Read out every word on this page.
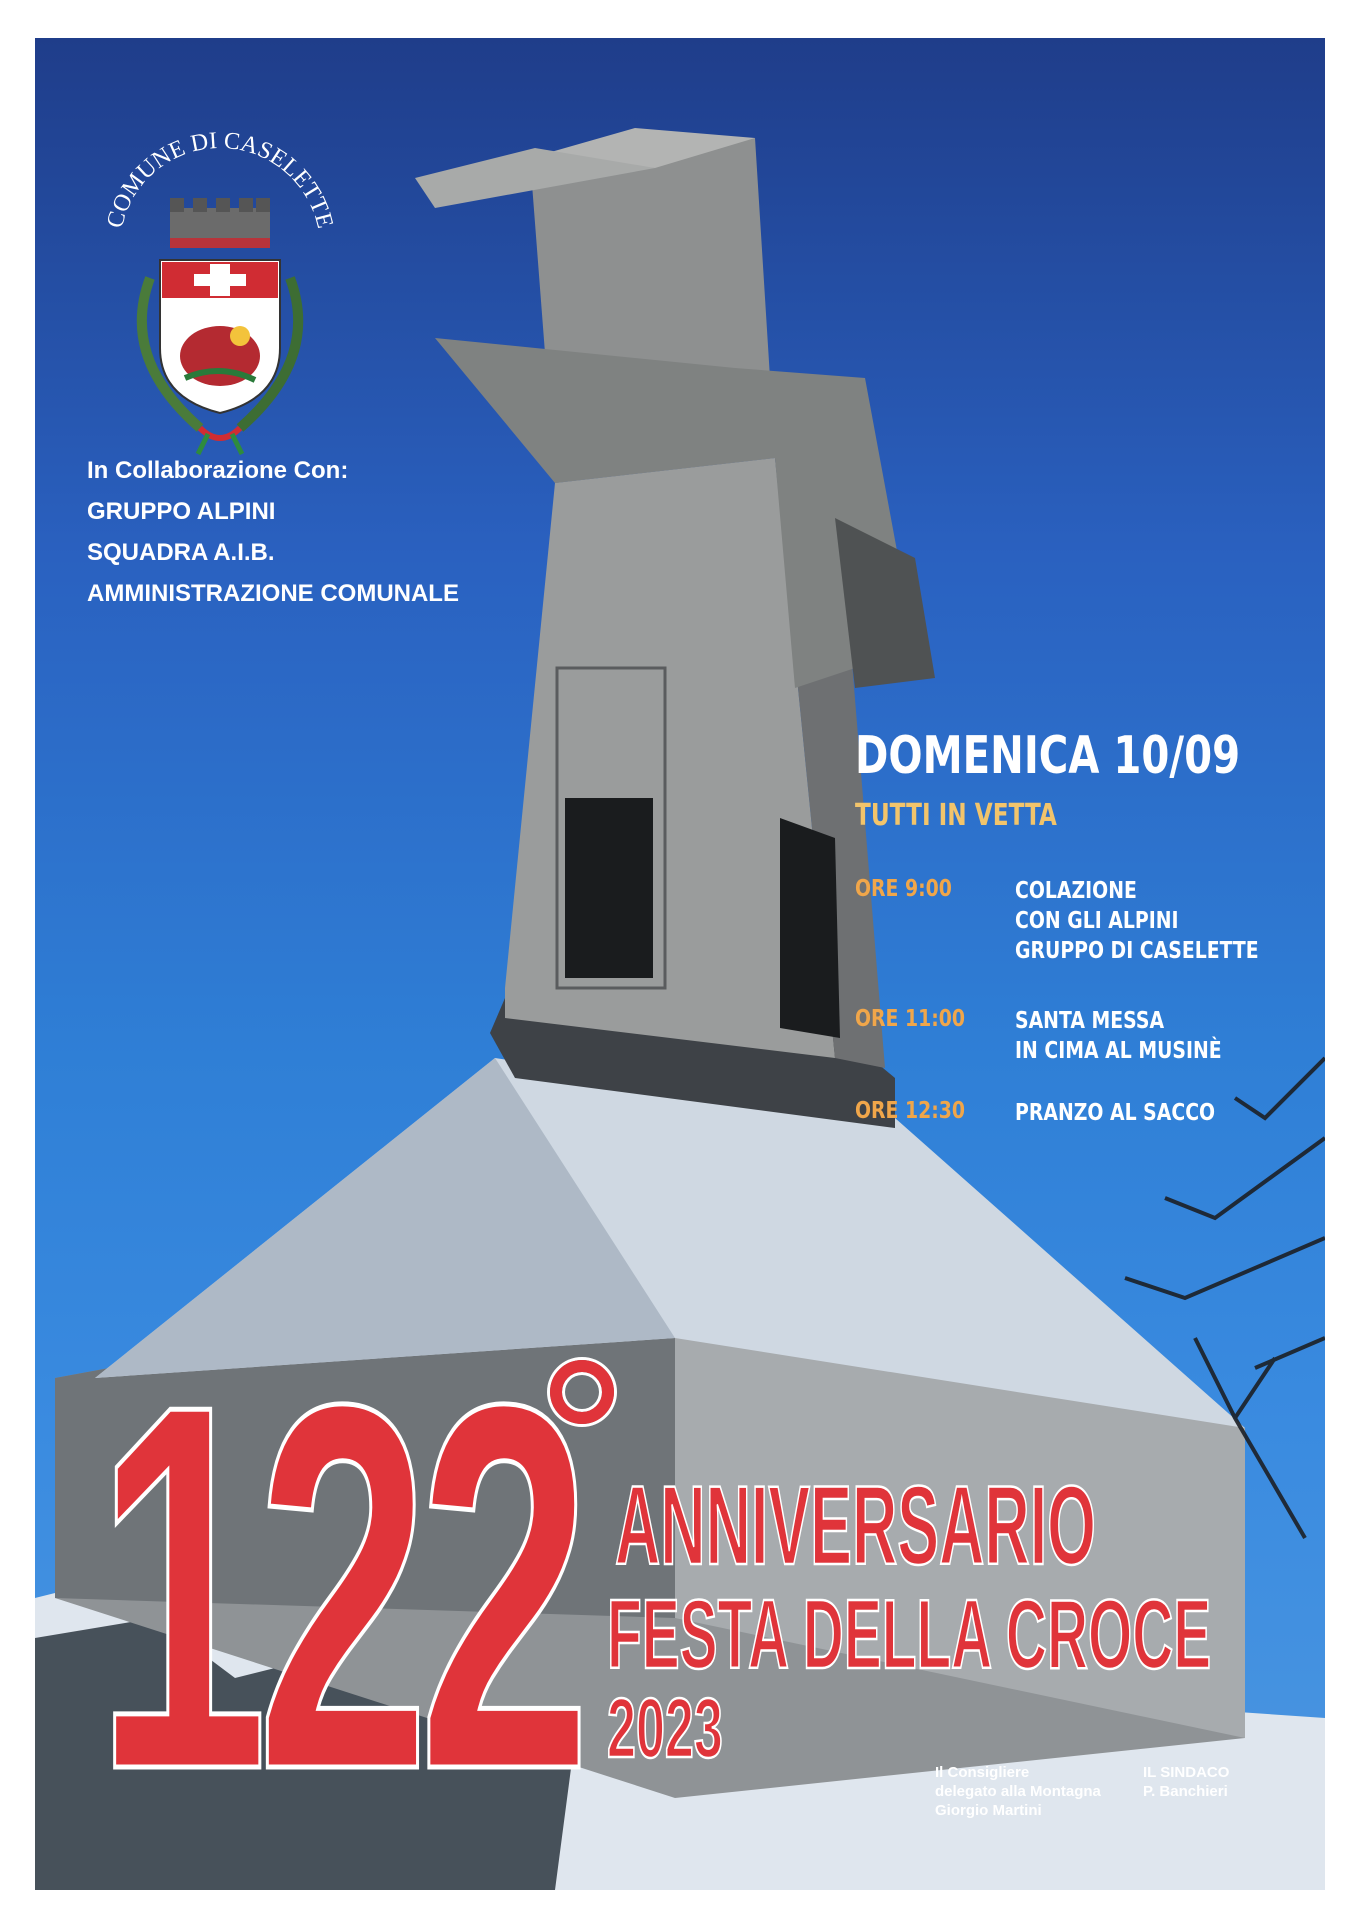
COMUNE DI CASELETTE
In Collaborazione Con:
GRUPPO ALPINI
SQUADRA A.I.B.
AMMINISTRAZIONE COMUNALE
DOMENICA 10/09
TUTTI IN VETTA
ORE 9:00	COLAZIONE
CON GLI ALPINI
GRUPPO DI CASELETTE
ORE 11:00 SANTA MESSA
IN CIMA AL MUSINÈ
ORE 12:30 PRANZO AL SACCO
122 ANNIVERSARIO
FESTA DELLA CROCE
2023	Il Consigliere
delegato alla Montagna
Giorgio Martini
IL SINDACO
P. Banchieri
